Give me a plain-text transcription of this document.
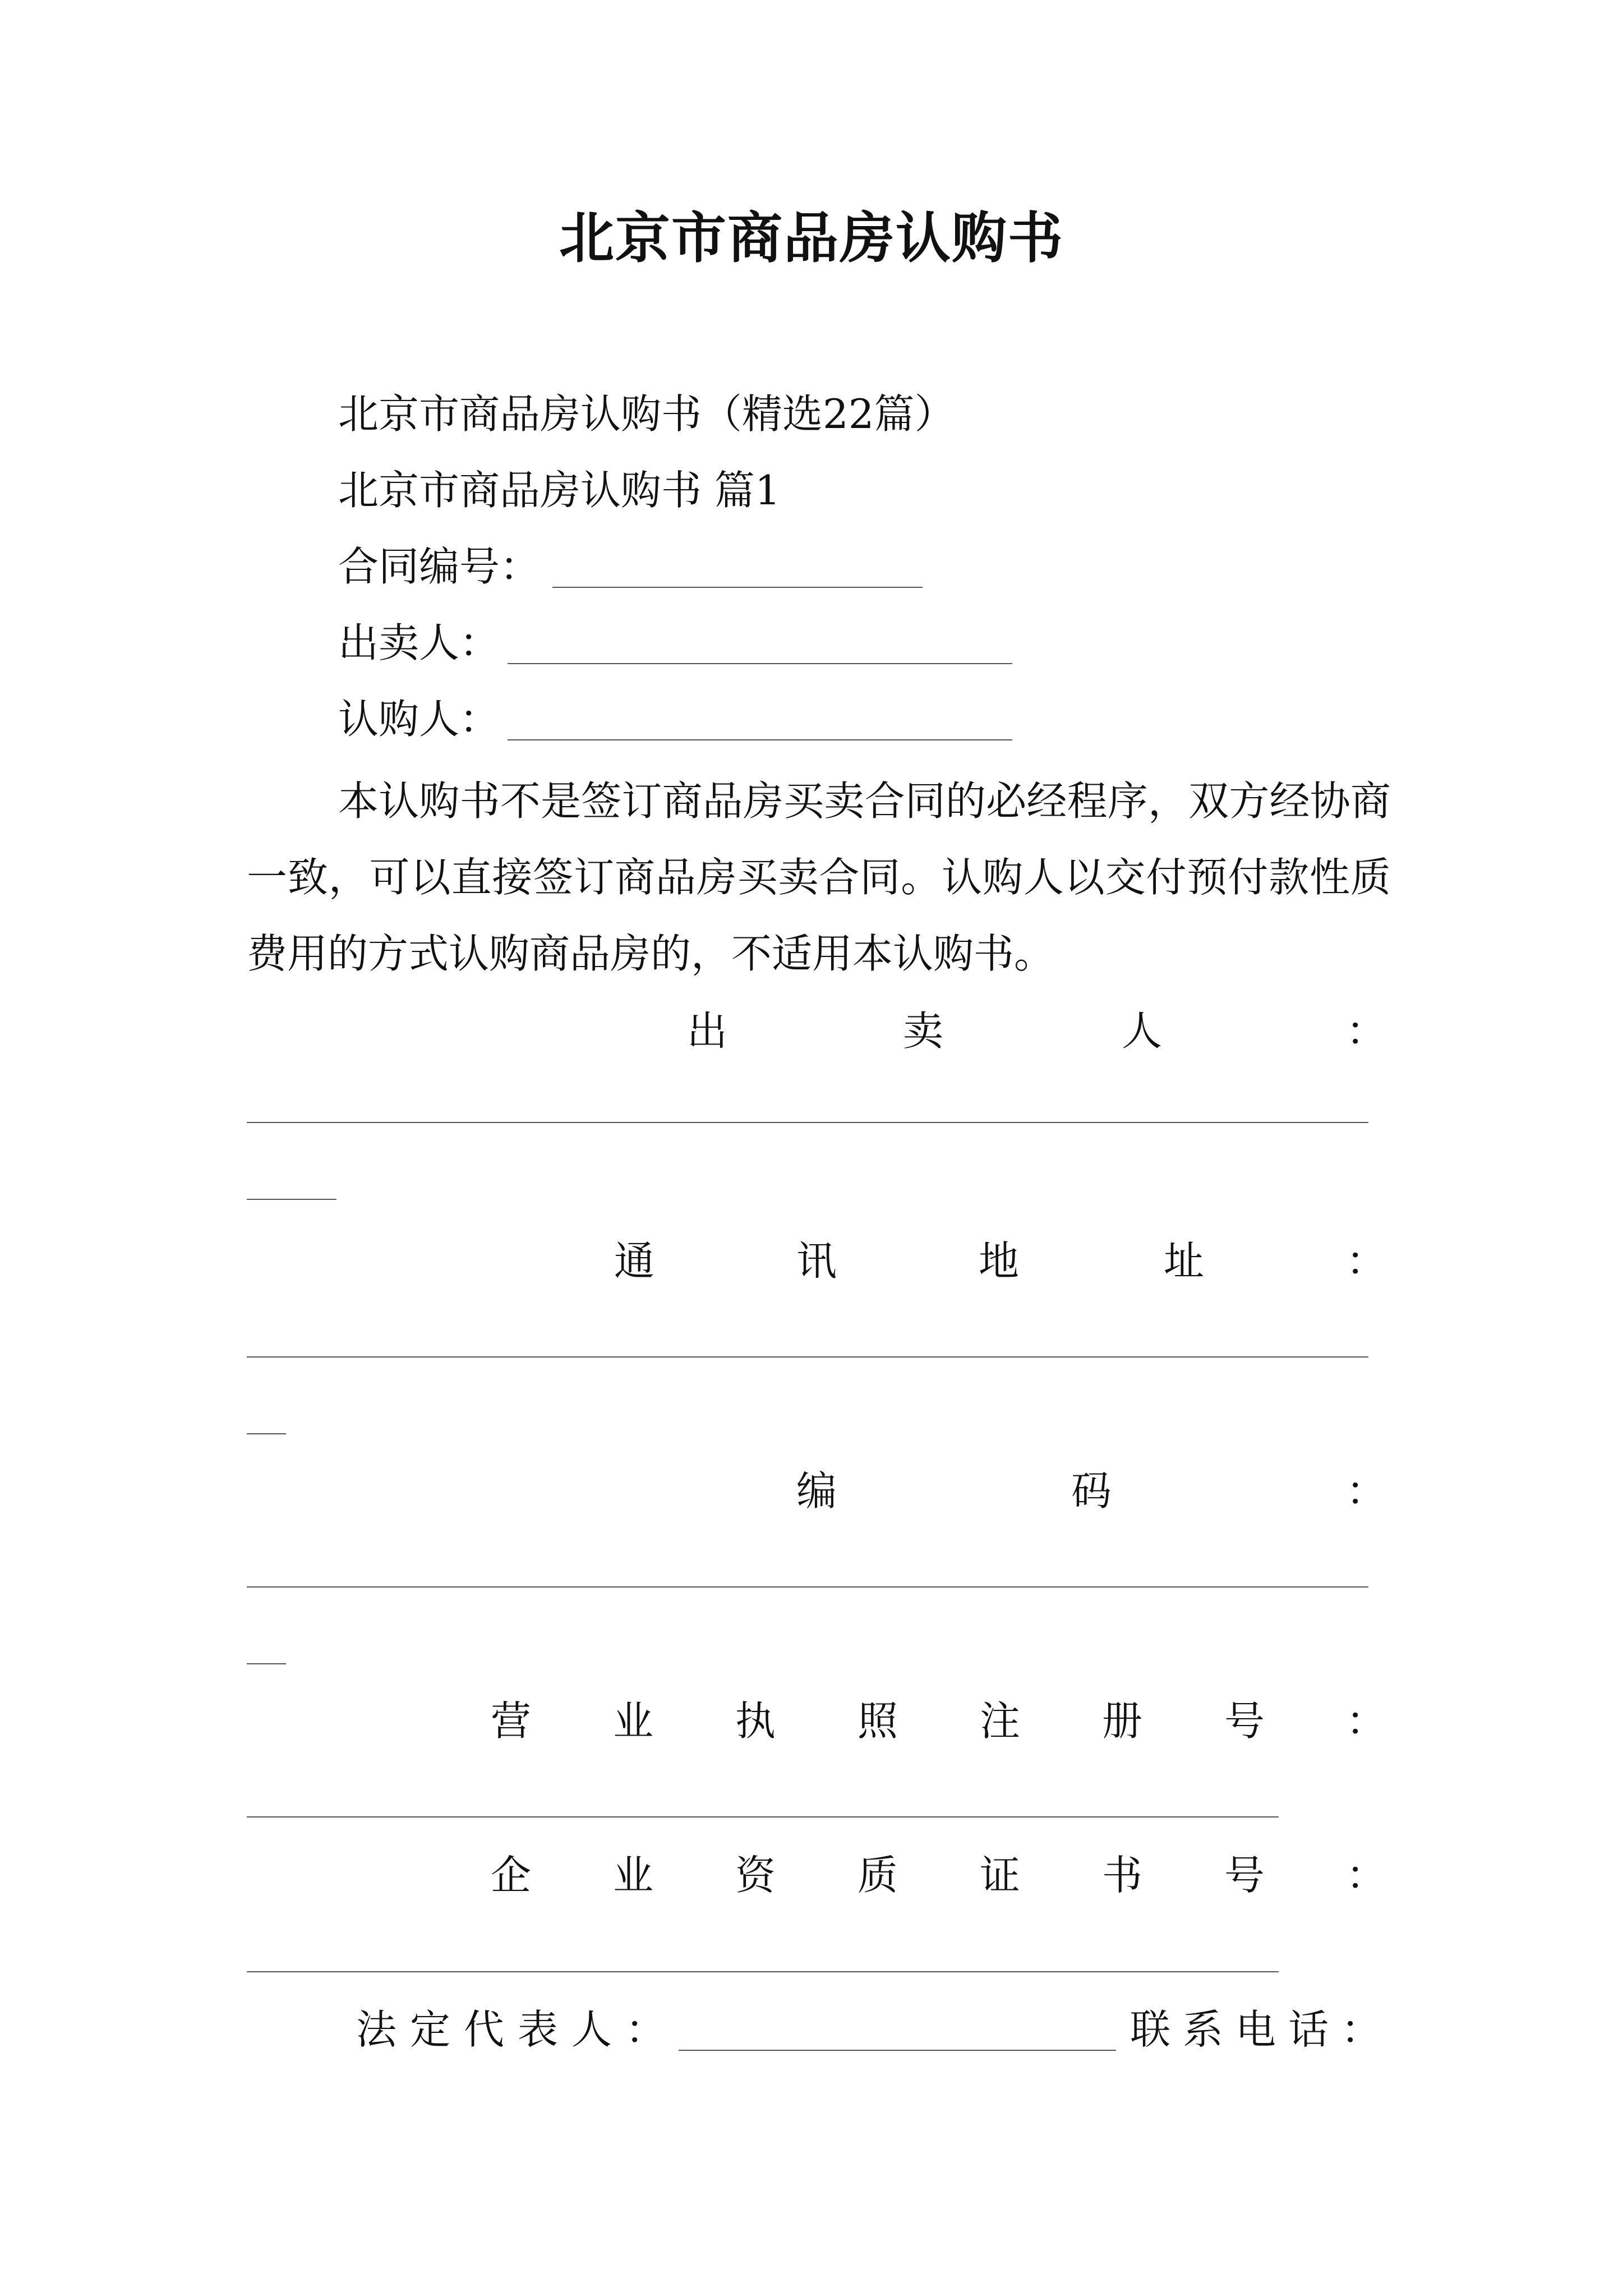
北京市商品房认购书
北京市商品房认购书（精选22篇）
北京市商品房认购书 篇1
合同编号：
出卖人：
认购人：
本认购书不是签订商品房买卖合同的必经程序，双方经协商一致，可以直接签订商品房买卖合同。认购人以交付预付款性质费用的方式认购商品房的，不适用本认购书。
出	卖	人	：
通	讯	地	址	：
编	码	：
营 业 执 照 注 册 号 ：
企 业 资 质 证 书 号 ：
法定代表人：	联系电话：
